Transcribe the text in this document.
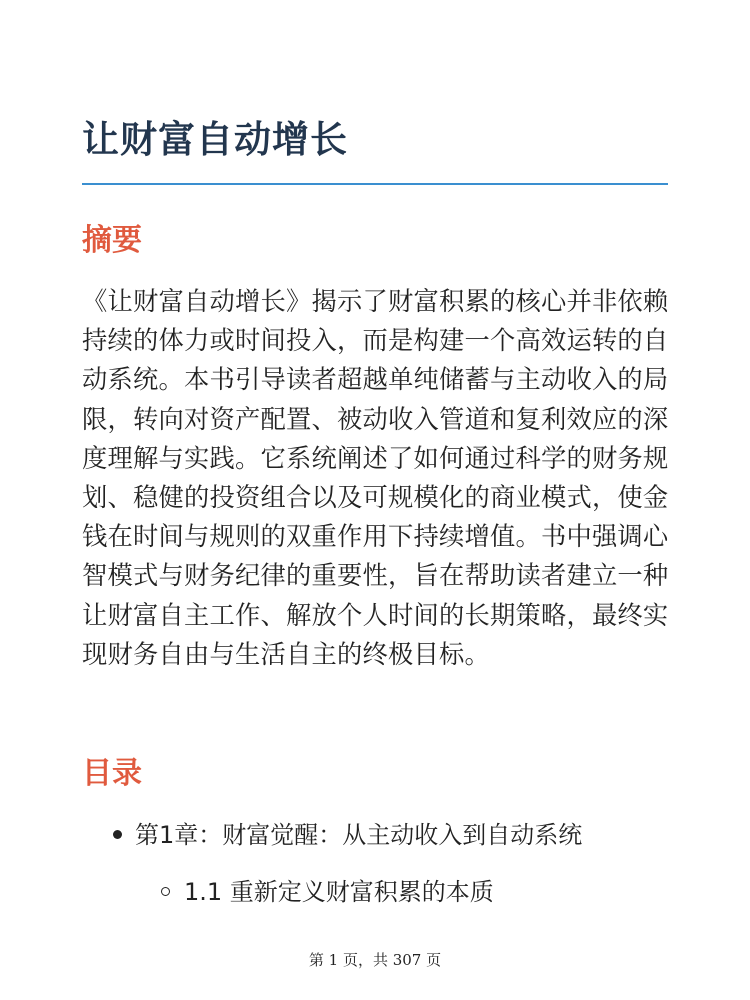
让财富自动增长
摘要

《让财富自动增长》揭示了财富积累的核心并非依赖持续的体力或时间投入，而是构建一个高效运转的自动系统。本书引导读者超越单纯储蓄与主动收入的局限，转向对资产配置、被动收入管道和复利效应的深度理解与实践。它系统阐述了如何通过科学的财务规划、稳健的投资组合以及可规模化的商业模式，使金钱在时间与规则的双重作用下持续增值。书中强调心智模式与财务纪律的重要性，旨在帮助读者建立一种让财富自主工作、解放个人时间的长期策略，最终实现财务自由与生活自主的终极目标。

目录
第1章：财富觉醒：从主动收入到自动系统
1.1 重新定义财富积累的本质
第 1 页，共 307 页
